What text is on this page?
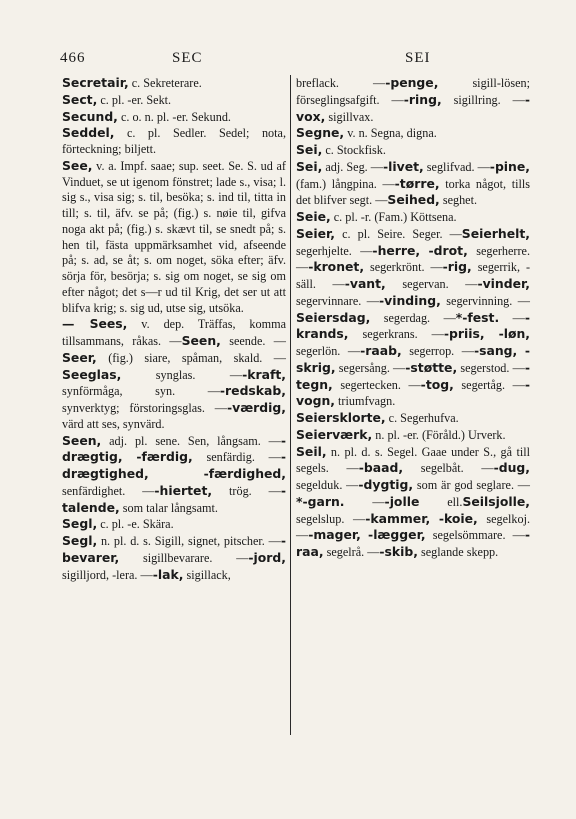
466	SEC	SEI

Secretair, c. Sekreterare.

Sect, c. pl. -er. Sekt.

Secund, c. o. n. pl. -er. Sekund.

Seddel, c. pl. Sedler. Sedel; nota, förteckning; biljett.

See, v. a. Impf. saae; sup. seet. Se. S. ud af Vinduet, se ut igenom fönstret; lade s., visa; l. sig s., visa sig; s. til, besöka; s. ind til, titta in till; s. til, äfv. se på; (fig.) s. nøie til, gifva noga akt på; (fig.) s. skævt til, se snedt på; s. hen til, fästa uppmärksamhet vid, afseende på; s. ad, se åt; s. om noget, söka efter; äfv. sörja för, besörja; s. sig om noget, se sig om efter något; det s—r ud til Krig, det ser ut att blifva krig; s. sig ud, utse sig, utsöka.

— Sees, v. dep. Träffas, komma tillsammans, råkas. —Seen, seende. —Seer, (fig.) siare, spåman, skald. —Seeglas, synglas. —-kraft, synförmåga, syn. —-redskab, synverktyg; förstoringsglas. —-værdig, värd att ses, synvärd.

Seen, adj. pl. sene. Sen, långsam. —-drægtig, -færdig, senfärdig. —-drægtighed,	-færdighed, senfärdighet. —-hiertet, trög. —-talende, som talar långsamt.

Segl, c. pl. -e. Skära.

Segl, n. pl. d. s. Sigill, signet, pitscher. —-bevarer, sigillbevarare. —-jord, sigilljord, -lera. —-lak, sigillack,

breflack. —-penge, sigill-lösen; förseglingsafgift. —-ring, sigillring. —-vox, sigillvax.

Segne, v. n. Segna, digna.

Sei, c. Stockfisk.

Sei, adj. Seg. —-livet, seglifvad. —-pine, (fam.) långpina. —-tørre, torka något, tills det blifver segt. —Seihed, seghet.

Seie, c. pl. -r. (Fam.) Köttsena.

Seier, c. pl. Seire. Seger. —Seierhelt, segerhjelte. —-herre, -drot, segerherre. —-kronet, segerkrönt. —-rig, segerrik, -säll. —-vant, segervan. —-vinder, segervinnare. —-vinding, segervinning. —Seiersdag, segerdag. —*-fest. —-krands, segerkrans. —-priis, -løn, segerlön. —-raab, segerrop. —-sang, -skrig, segersång. —-støtte, segerstod. —-tegn, segertecken. —-tog, segertåg. —-vogn, triumfvagn.

Seiersklorte, c. Segerhufva.

Seierværk, n. pl. -er. (Föråld.) Urverk.

Seil, n. pl. d. s. Segel. Gaae under S., gå till segels. —-baad, segelbåt. —-dug, segelduk. —-dygtig, som är god seglare. —*-garn. —-jolle ell.Seilsjolle, segelslup. —-kammer, -koie, segelkoj. —-mager, -lægger, segelsömmare. —-raa, segelrå. —-skib, seglande skepp.
